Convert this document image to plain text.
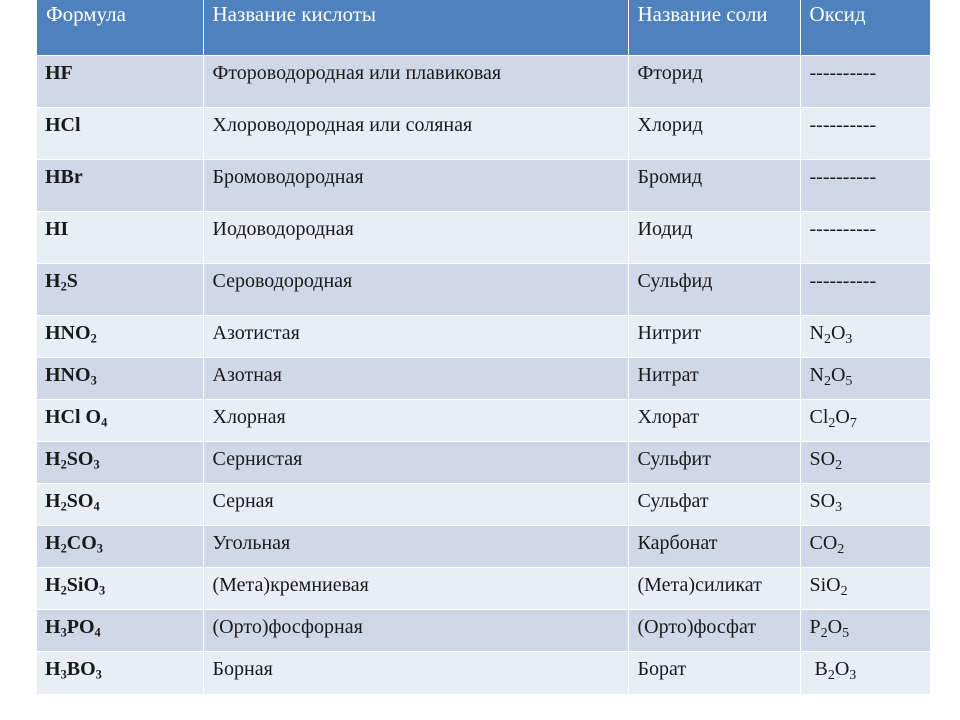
Формула	Название кислоты	Название соли	Оксид
HF	Фтороводородная или плавиковая	Фторид	----------
HCl	Хлороводородная или соляная	Хлорид	----------
HBr	Бромоводородная	Бромид	----------
HI	Иодоводородная	Иодид	----------
$H_2S$	Сероводородная	Сульфид	----------
$HNO_2$	Азотистая	Нитрит	$N_2O_3$
$HNO_3$	Азотная	Нитрат	$N_2O_5$
HCl $O_4$	Хлорная	Хлорат	$Cl_2O_7$
$H_2SO_3$	Сернистая	Сульфит	$SO_2$
$H_2SO_4$	Серная	Сульфат	$SO_3$
$H_2CO_3$	Угольная	Карбонат	$CO_2$
$H_2SiO_3$	(Мета)кремниевая	(Мета)силикат	SiO$_2$
$H_3PO_4$	(Орто)фосфорная	(Орто)фосфат	$P_2O_5$
$H_3BO_3$	Борная	Борат	$B_2O_3$
